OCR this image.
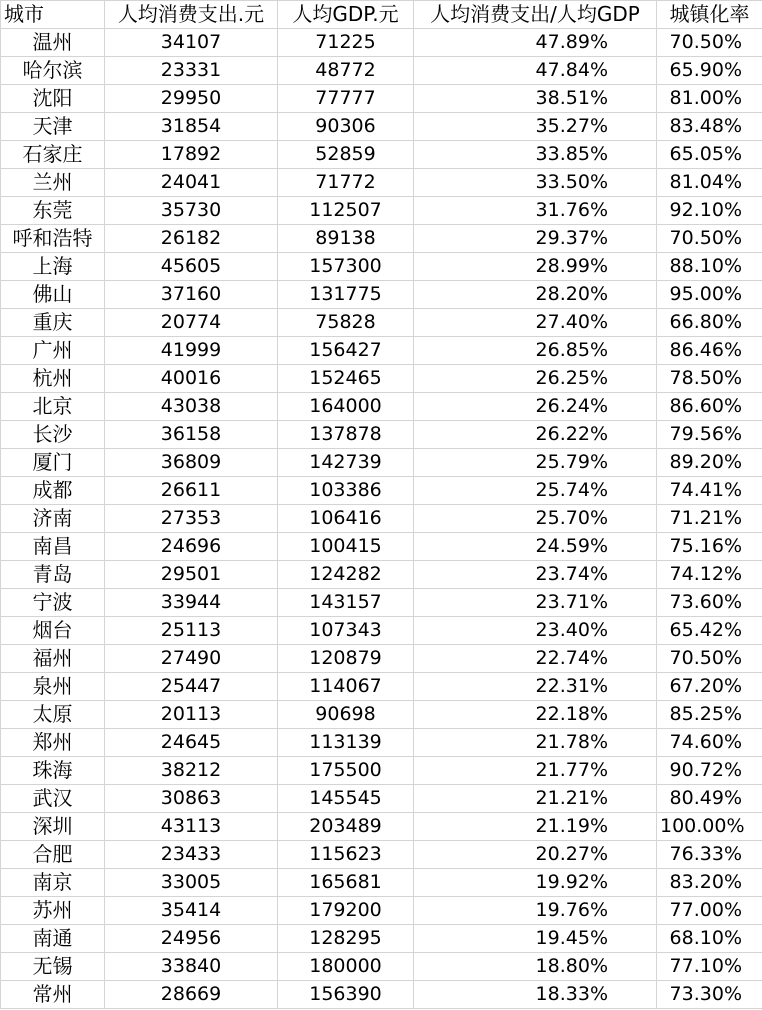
城市	人均消费支出.元	人均GDP.元	人均消费支出/人均GDP	城镇化率
温州	34107	71225	47.89%	70.50%
哈尔滨	23331	48772	47.84%	65.90%
沈阳	29950	77777	38.51%	81.00%
天津	31854	90306	35.27%	83.48%
石家庄	17892	52859	33.85%	65.05%
兰州	24041	71772	33.50%	81.04%
东莞	35730	112507	31.76%	92.10%
呼和浩特	26182	89138	29.37%	70.50%
上海	45605	157300	28.99%	88.10%
佛山	37160	131775	28.20%	95.00%
重庆	20774	75828	27.40%	66.80%
广州	41999	156427	26.85%	86.46%
杭州	40016	152465	26.25%	78.50%
北京	43038	164000	26.24%	86.60%
长沙	36158	137878	26.22%	79.56%
厦门	36809	142739	25.79%	89.20%
成都	26611	103386	25.74%	74.41%
济南	27353	106416	25.70%	71.21%
南昌	24696	100415	24.59%	75.16%
青岛	29501	124282	23.74%	74.12%
宁波	33944	143157	23.71%	73.60%
烟台	25113	107343	23.40%	65.42%
福州	27490	120879	22.74%	70.50%
泉州	25447	114067	22.31%	67.20%
太原	20113	90698	22.18%	85.25%
郑州	24645	113139	21.78%	74.60%
珠海	38212	175500	21.77%	90.72%
武汉	30863	145545	21.21%	80.49%
深圳	43113	203489	21.19%	100.00%
合肥	23433	115623	20.27%	76.33%
南京	33005	165681	19.92%	83.20%
苏州	35414	179200	19.76%	77.00%
南通	24956	128295	19.45%	68.10%
无锡	33840	180000	18.80%	77.10%
常州	28669	156390	18.33%	73.30%
